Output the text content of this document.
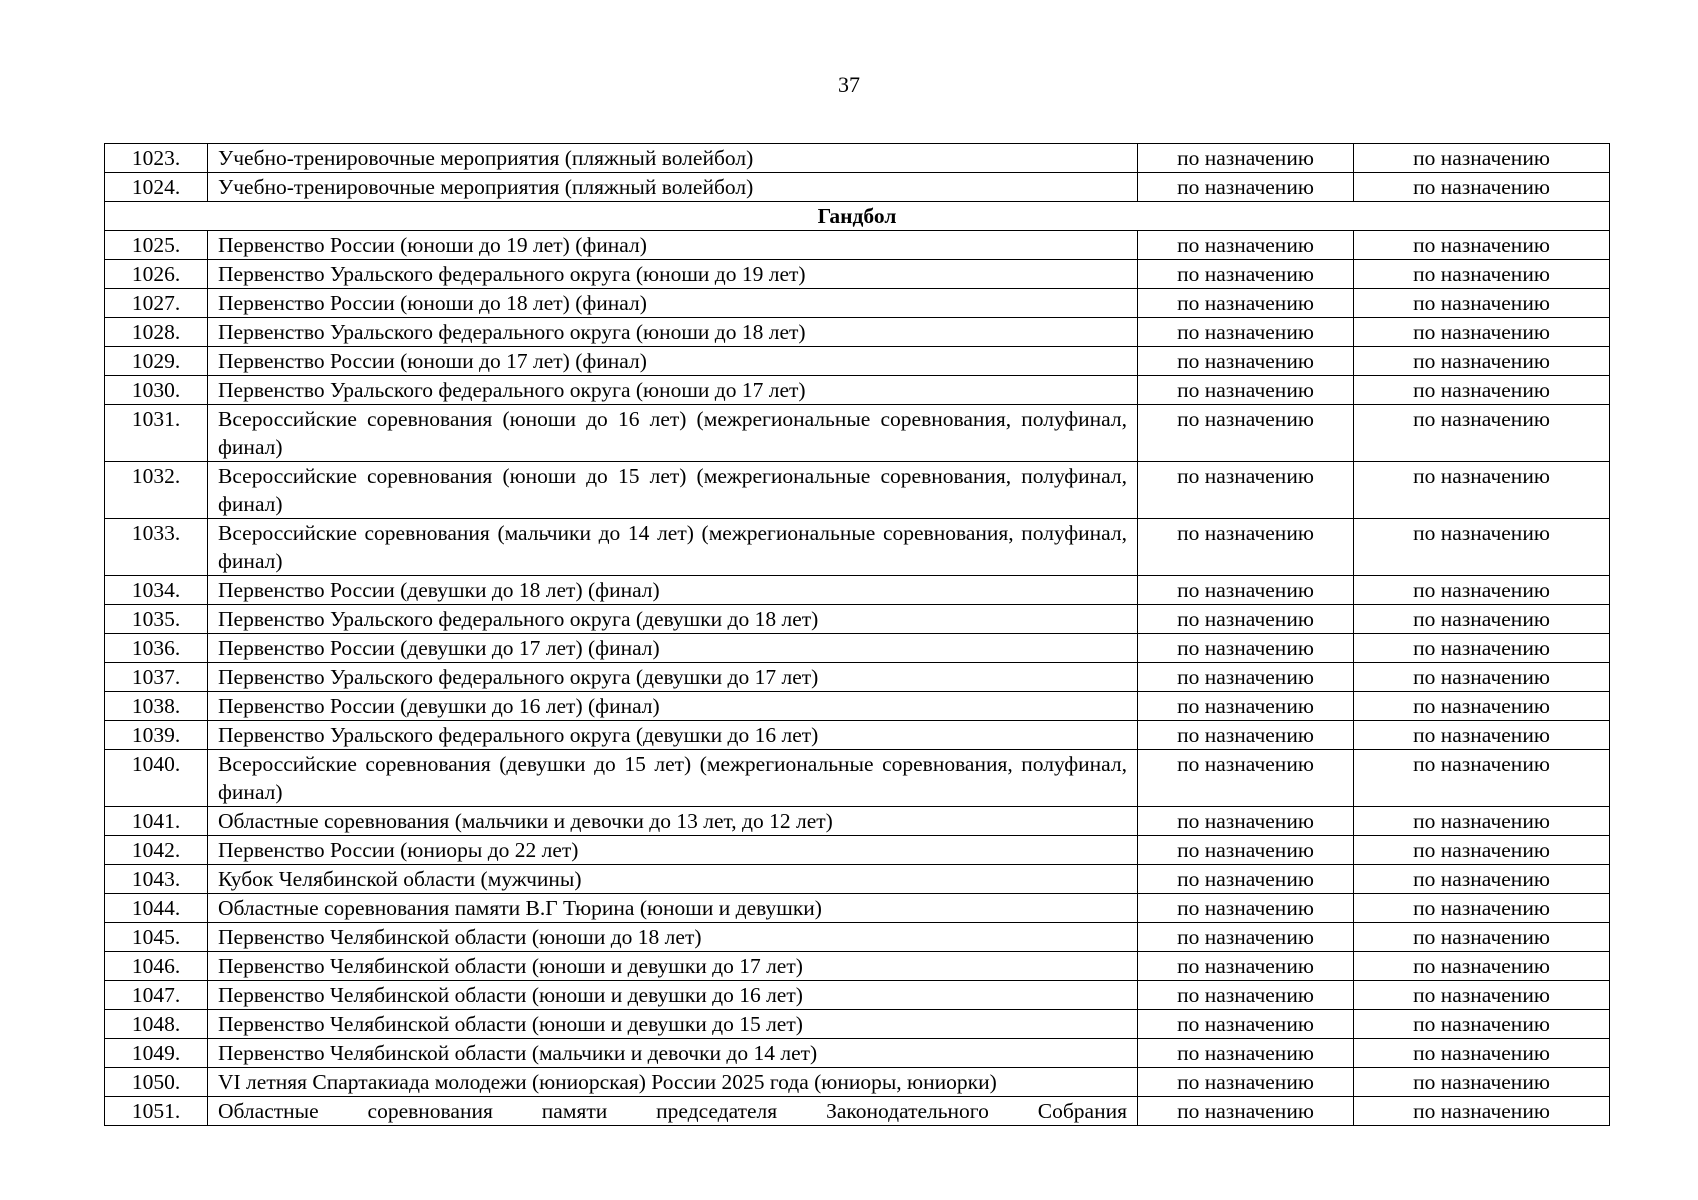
37
1023.	Учебно-тренировочные мероприятия (пляжный волейбол)	по назначению	по назначению
1024.	Учебно-тренировочные мероприятия (пляжный волейбол)	по назначению	по назначению
Гандбол			
1025.	Первенство России (юноши до 19 лет) (финал)	по назначению	по назначению
1026.	Первенство Уральского федерального округа (юноши до 19 лет)	по назначению	по назначению
1027.	Первенство России (юноши до 18 лет) (финал)	по назначению	по назначению
1028.	Первенство Уральского федерального округа (юноши до 18 лет)	по назначению	по назначению
1029.	Первенство России (юноши до 17 лет) (финал)	по назначению	по назначению
1030.	Первенство Уральского федерального округа (юноши до 17 лет)	по назначению	по назначению
1031.	Всероссийские соревнования (юноши до 16 лет) (межрегиональные соревнования, полуфинал, финал)	по назначению	по назначению
1032.	Всероссийские соревнования (юноши до 15 лет) (межрегиональные соревнования, полуфинал, финал)	по назначению	по назначению
1033.	Всероссийские соревнования (мальчики до 14 лет) (межрегиональные соревнования, полуфинал, финал)	по назначению	по назначению
1034.	Первенство России (девушки до 18 лет) (финал)	по назначению	по назначению
1035.	Первенство Уральского федерального округа (девушки до 18 лет)	по назначению	по назначению
1036.	Первенство России (девушки до 17 лет) (финал)	по назначению	по назначению
1037.	Первенство Уральского федерального округа (девушки до 17 лет)	по назначению	по назначению
1038.	Первенство России (девушки до 16 лет) (финал)	по назначению	по назначению
1039.	Первенство Уральского федерального округа (девушки до 16 лет)	по назначению	по назначению
1040.	Всероссийские соревнования (девушки до 15 лет) (межрегиональные соревнования, полуфинал, финал)	по назначению	по назначению
1041.	Областные соревнования (мальчики и девочки до 13 лет, до 12 лет)	по назначению	по назначению
1042.	Первенство России (юниоры до 22 лет)	по назначению	по назначению
1043.	Кубок Челябинской области (мужчины)	по назначению	по назначению
1044.	Областные соревнования памяти В.Г Тюрина (юноши и девушки)	по назначению	по назначению
1045.	Первенство Челябинской области (юноши до 18 лет)	по назначению	по назначению
1046.	Первенство Челябинской области (юноши и девушки до 17 лет)	по назначению	по назначению
1047.	Первенство Челябинской области (юноши и девушки до 16 лет)	по назначению	по назначению
1048.	Первенство Челябинской области (юноши и девушки до 15 лет)	по назначению	по назначению
1049.	Первенство Челябинской области (мальчики и девочки до 14 лет)	по назначению	по назначению
1050.	VI летняя Спартакиада молодежи (юниорская) России 2025 года (юниоры, юниорки)	по назначению	по назначению
1051.	Областные соревнования памяти председателя Законодательного Собрания	по назначению	по назначению
